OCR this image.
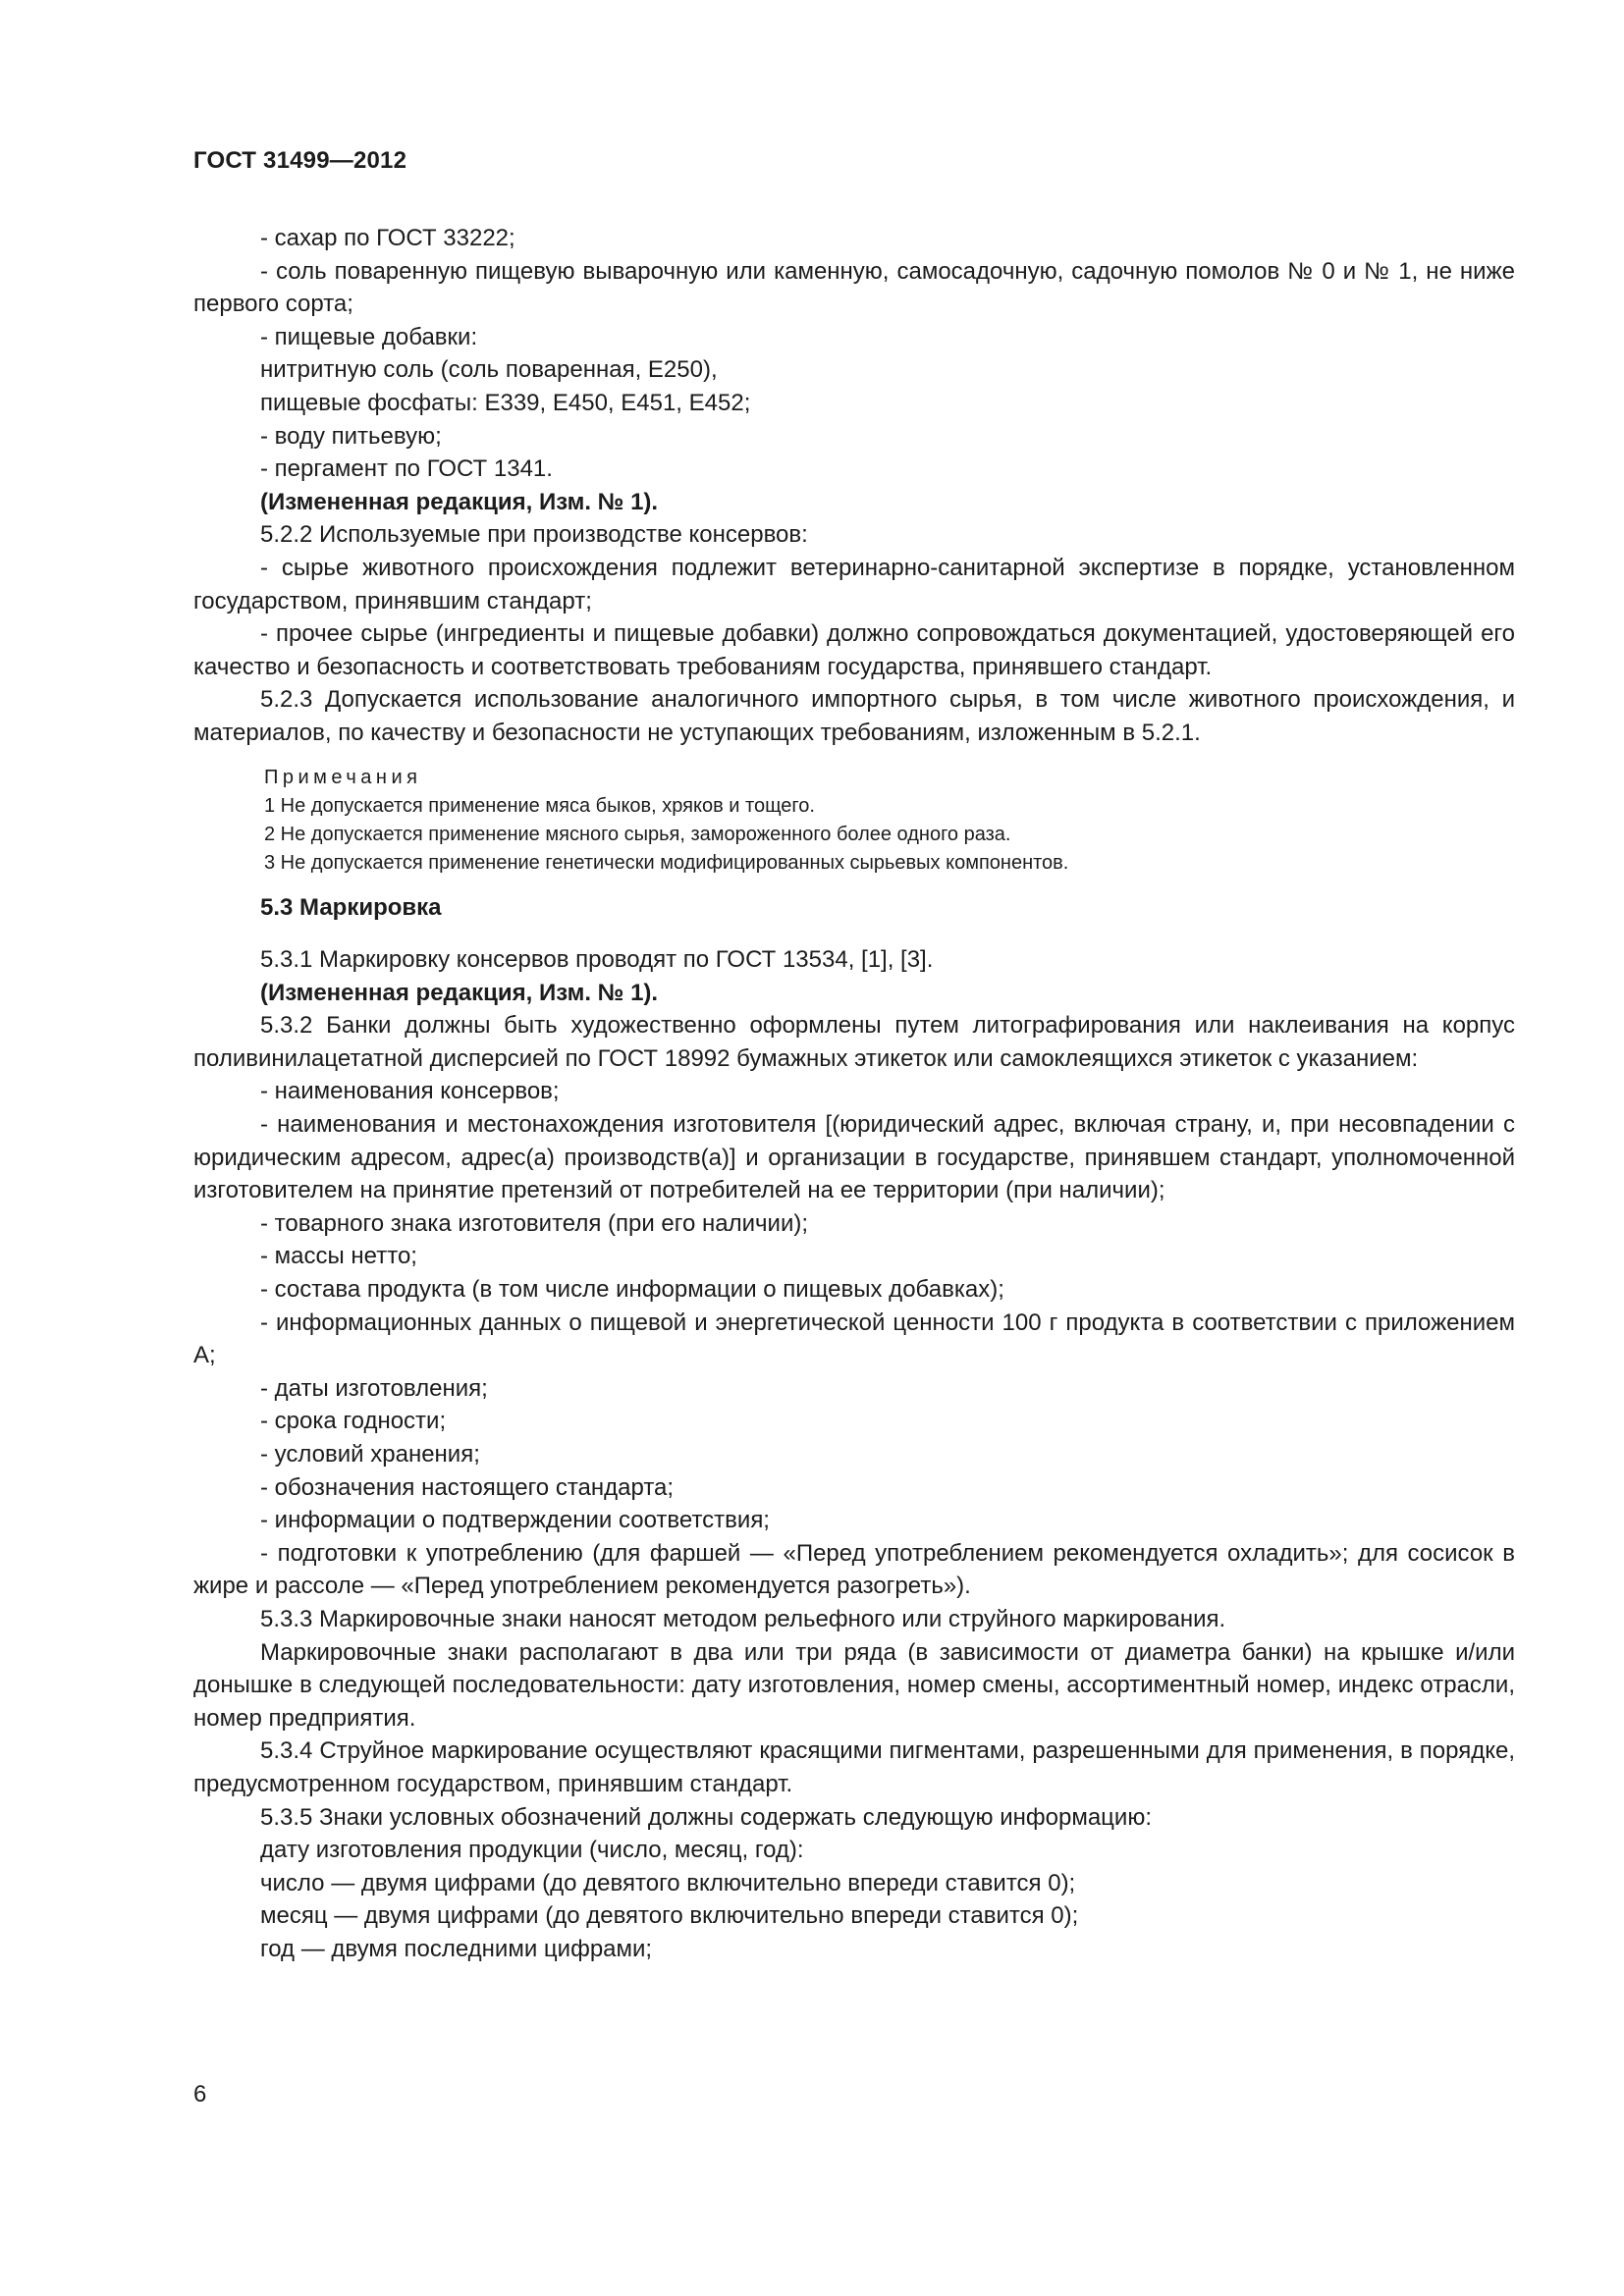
ГОСТ 31499—2012

- сахар по ГОСТ 33222;

- соль поваренную пищевую выварочную или каменную, самосадочную, садочную помолов № 0 и № 1, не ниже первого сорта;

- пищевые добавки:

нитритную соль (соль поваренная, Е250),

пищевые фосфаты: Е339, Е450, Е451, Е452;

- воду питьевую;

- пергамент по ГОСТ 1341.

(Измененная редакция, Изм. № 1).

5.2.2 Используемые при производстве консервов:

- сырье животного происхождения подлежит ветеринарно-санитарной экспертизе в порядке, установленном государством, принявшим стандарт;

- прочее сырье (ингредиенты и пищевые добавки) должно сопровождаться документацией, удостоверяющей его качество и безопасность и соответствовать требованиям государства, принявшего стандарт.

5.2.3 Допускается использование аналогичного импортного сырья, в том числе животного происхождения, и материалов, по качеству и безопасности не уступающих требованиям, изложенным в 5.2.1.

Примечания

1 Не допускается применение мяса быков, хряков и тощего.

2 Не допускается применение мясного сырья, замороженного более одного раза.

3 Не допускается применение генетически модифицированных сырьевых компонентов.

5.3 Маркировка

5.3.1 Маркировку консервов проводят по ГОСТ 13534, [1], [3].

(Измененная редакция, Изм. № 1).

5.3.2 Банки должны быть художественно оформлены путем литографирования или наклеивания на корпус поливинилацетатной дисперсией по ГОСТ 18992 бумажных этикеток или самоклеящихся этикеток с указанием:

- наименования консервов;

- наименования и местонахождения изготовителя [(юридический адрес, включая страну, и, при несовпадении с юридическим адресом, адрес(а) производств(а)] и организации в государстве, принявшем стандарт, уполномоченной изготовителем на принятие претензий от потребителей на ее территории (при наличии);

- товарного знака изготовителя (при его наличии);

- массы нетто;

- состава продукта (в том числе информации о пищевых добавках);

- информационных данных о пищевой и энергетической ценности 100 г продукта в соответствии с приложением А;

- даты изготовления;

- срока годности;

- условий хранения;

- обозначения настоящего стандарта;

- информации о подтверждении соответствия;

- подготовки к употреблению (для фаршей — «Перед употреблением рекомендуется охладить»; для сосисок в жире и рассоле — «Перед употреблением рекомендуется разогреть»).

5.3.3 Маркировочные знаки наносят методом рельефного или струйного маркирования.

Маркировочные знаки располагают в два или три ряда (в зависимости от диаметра банки) на крышке и/или донышке в следующей последовательности: дату изготовления, номер смены, ассортиментный номер, индекс отрасли, номер предприятия.

5.3.4 Струйное маркирование осуществляют красящими пигментами, разрешенными для применения, в порядке, предусмотренном государством, принявшим стандарт.

5.3.5 Знаки условных обозначений должны содержать следующую информацию:

дату изготовления продукции (число, месяц, год):

число — двумя цифрами (до девятого включительно впереди ставится 0);

месяц — двумя цифрами (до девятого включительно впереди ставится 0);

год — двумя последними цифрами;

6
